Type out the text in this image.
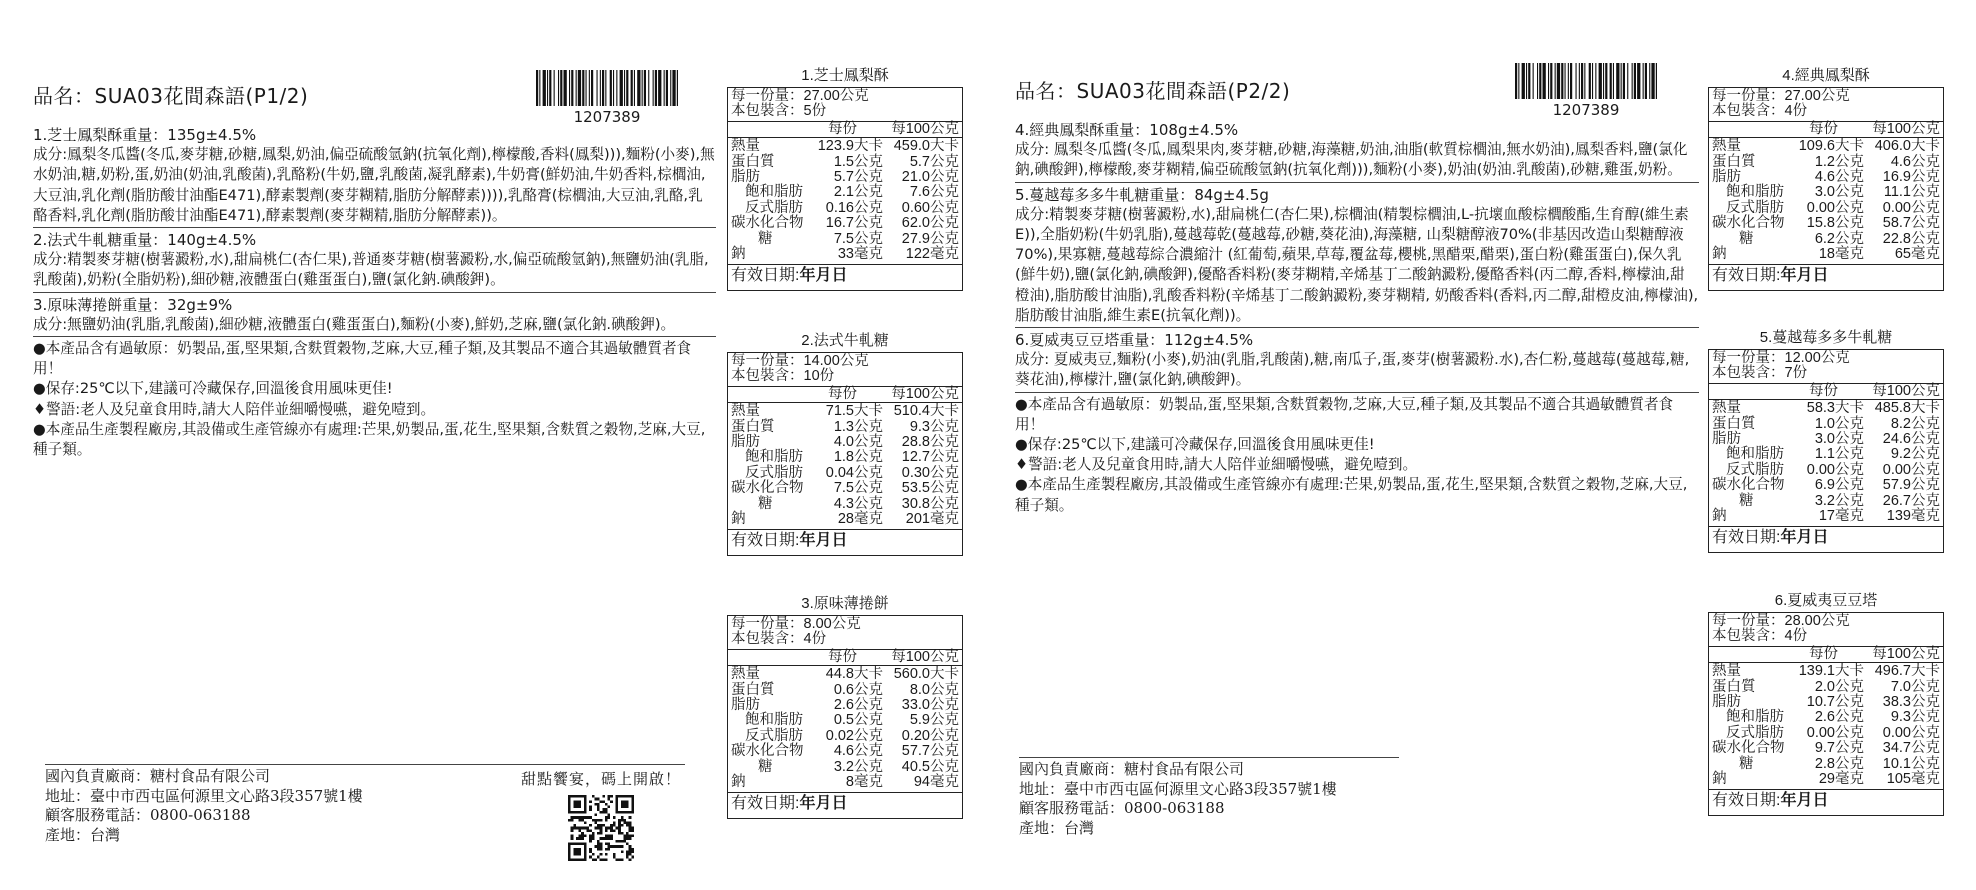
品名：SUA03花間森語(P1/2)
1207389
1.芝士鳳梨酥重量：135g±4.5%
成分:鳳梨冬瓜醬(冬瓜,麥芽糖,砂糖,鳳梨,奶油,偏亞硫酸氫鈉(抗氧化劑),檸檬酸,香料(鳳梨))),麵粉(小麥),無水奶油,糖,奶粉,蛋,奶油(奶油,乳酸菌),乳酪粉(牛奶,鹽,乳酸菌,凝乳酵素),牛奶膏(鮮奶油,牛奶香料,棕櫚油,大豆油,乳化劑(脂肪酸甘油酯E471),酵素製劑(麥芽糊精,脂肪分解酵素)))),乳酪膏(棕櫚油,大豆油,乳酪,乳酪香料,乳化劑(脂肪酸甘油酯E471),酵素製劑(麥芽糊精,脂肪分解酵素))。
2.法式牛軋糖重量：140g±4.5%
成分:精製麥芽糖(樹薯澱粉,水),甜扁桃仁(杏仁果),普通麥芽糖(樹薯澱粉,水,偏亞硫酸氫鈉),無鹽奶油(乳脂,乳酸菌),奶粉(全脂奶粉),細砂糖,液體蛋白(雞蛋蛋白),鹽(氯化鈉.碘酸鉀)。
3.原味薄捲餅重量：32g±9%
成分:無鹽奶油(乳脂,乳酸菌),細砂糖,液體蛋白(雞蛋蛋白),麵粉(小麥),鮮奶,芝麻,鹽(氯化鈉.碘酸鉀)。
●本產品含有過敏原：奶製品,蛋,堅果類,含麩質穀物,芝麻,大豆,種子類,及其製品不適合其過敏體質者食用！
●保存:25℃以下,建議可冷藏保存,回溫後食用風味更佳!
♦警語:老人及兒童食用時,請大人陪伴並細嚼慢嚥，避免噎到。
●本產品生產製程廠房,其設備或生產管線亦有處理:芒果,奶製品,蛋,花生,堅果類,含麩質之穀物,芝麻,大豆,種子類。
國內負責廠商：糖村食品有限公司
地址：臺中市西屯區何源里文心路3段357號1樓
顧客服務電話：0800-063188
產地：台灣
甜點饗宴，碼上開啟！
1.芝士鳳梨酥
每一份量：27.00公克
本包裝含：5份
每份	每100公克
熱量	123.9大卡 459.0大卡
蛋白質	1.5公克	5.7公克
脂肪	5.7公克	21.0公克
飽和脂肪	2.1公克	7.6公克
反式脂肪	0.16公克	0.60公克
碳水化合物	16.7公克	62.0公克
糖	7.5公克	27.9公克
鈉	33毫克	122毫克
有效日期:年月日
2.法式牛軋糖
每一份量：14.00公克
本包裝含：10份
每份	每100公克
熱量	71.5大卡 510.4大卡
蛋白質	1.3公克	9.3公克
脂肪	4.0公克	28.8公克
飽和脂肪	1.8公克	12.7公克
反式脂肪	0.04公克	0.30公克
碳水化合物	7.5公克	53.5公克
糖	4.3公克	30.8公克
鈉	28毫克	201毫克
有效日期:年月日
3.原味薄捲餅
每一份量：8.00公克
本包裝含：4份
每份	每100公克
熱量	44.8大卡 560.0大卡
蛋白質	0.6公克	8.0公克
脂肪	2.6公克	33.0公克
飽和脂肪	0.5公克	5.9公克
反式脂肪	0.02公克	0.20公克
碳水化合物	4.6公克	57.7公克
糖	3.2公克	40.5公克
鈉	8毫克	94毫克
有效日期:年月日
品名：SUA03花間森語(P2/2)
1207389
4.經典鳳梨酥重量：108g±4.5%
成分: 鳳梨冬瓜醬(冬瓜,鳳梨果肉,麥芽糖,砂糖,海藻糖,奶油,油脂(軟質棕櫚油,無水奶油),鳳梨香料,鹽(氯化鈉,碘酸鉀),檸檬酸,麥芽糊精,偏亞硫酸氫鈉(抗氧化劑))),麵粉(小麥),奶油(奶油.乳酸菌),砂糖,雞蛋,奶粉。
5.蔓越莓多多牛軋糖重量：84g±4.5g
成分:精製麥芽糖(樹薯澱粉,水),甜扁桃仁(杏仁果),棕櫚油(精製棕櫚油,L-抗壞血酸棕櫚酸酯,生育醇(維生素E)),全脂奶粉(牛奶乳脂),蔓越莓乾(蔓越莓,砂糖,葵花油),海藻糖, 山梨糖醇液70%(非基因改造山梨糖醇液70%),果寡糖,蔓越莓綜合濃縮汁 (紅葡萄,蘋果,草莓,覆盆莓,櫻桃,黑醋栗,醋栗),蛋白粉(雞蛋蛋白),保久乳(鮮牛奶),鹽(氯化鈉,碘酸鉀),優酪香料粉(麥芽糊精,辛烯基丁二酸鈉澱粉,優酪香料(丙二醇,香料,檸檬油,甜橙油),脂肪酸甘油脂),乳酸香料粉(辛烯基丁二酸鈉澱粉,麥芽糊精, 奶酸香料(香料,丙二醇,甜橙皮油,檸檬油),脂肪酸甘油脂,維生素E(抗氧化劑))。
6.夏威夷豆豆塔重量：112g±4.5%
成分: 夏威夷豆,麵粉(小麥),奶油(乳脂,乳酸菌),糖,南瓜子,蛋,麥芽(樹薯澱粉.水),杏仁粉,蔓越莓(蔓越莓,糖,葵花油),檸檬汁,鹽(氯化鈉,碘酸鉀)。
●本產品含有過敏原：奶製品,蛋,堅果類,含麩質穀物,芝麻,大豆,種子類,及其製品不適合其過敏體質者食用！
●保存:25℃以下,建議可冷藏保存,回溫後食用風味更佳!
♦警語:老人及兒童食用時,請大人陪伴並細嚼慢嚥，避免噎到。
●本產品生產製程廠房,其設備或生產管線亦有處理:芒果,奶製品,蛋,花生,堅果類,含麩質之穀物,芝麻,大豆,種子類。
國內負責廠商：糖村食品有限公司
地址：臺中市西屯區何源里文心路3段357號1樓
顧客服務電話：0800-063188
產地：台灣
4.經典鳳梨酥
每一份量：27.00公克
本包裝含：4份
每份	每100公克
熱量	109.6大卡 406.0大卡
蛋白質	1.2公克	4.6公克
脂肪	4.6公克	16.9公克
飽和脂肪	3.0公克	11.1公克
反式脂肪	0.00公克	0.00公克
碳水化合物	15.8公克	58.7公克
糖	6.2公克	22.8公克
鈉	18毫克	65毫克
有效日期:年月日
5.蔓越莓多多牛軋糖
每一份量：12.00公克
本包裝含：7份
每份	每100公克
熱量	58.3大卡 485.8大卡
蛋白質	1.0公克	8.2公克
脂肪	3.0公克	24.6公克
飽和脂肪	1.1公克	9.2公克
反式脂肪	0.00公克	0.00公克
碳水化合物	6.9公克	57.9公克
糖	3.2公克	26.7公克
鈉	17毫克	139毫克
有效日期:年月日
6.夏威夷豆豆塔
每一份量：28.00公克
本包裝含：4份
每份	每100公克
熱量	139.1大卡 496.7大卡
蛋白質	2.0公克	7.0公克
脂肪	10.7公克	38.3公克
飽和脂肪	2.6公克	9.3公克
反式脂肪	0.00公克	0.00公克
碳水化合物	9.7公克	34.7公克
糖	2.8公克	10.1公克
鈉	29毫克	105毫克
有效日期:年月日
